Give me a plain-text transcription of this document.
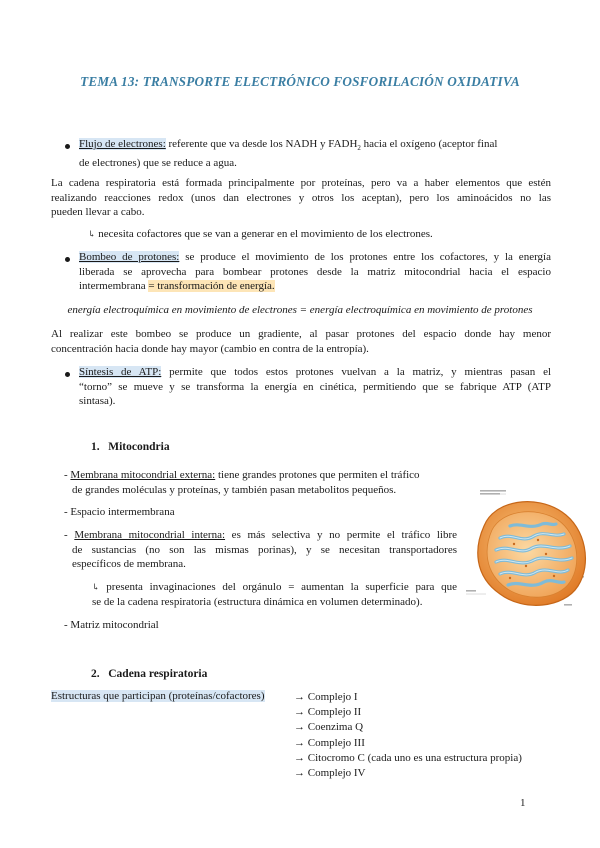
TEMA 13: TRANSPORTE ELECTRÓNICO FOSFORILACIÓN OXIDATIVA
Flujo de electrones: referente que va desde los NADH y $FADH_2$ hacia el oxígeno (aceptor final
de electrones) que se reduce a agua.
La cadena respiratoria está formada principalmente por proteínas, pero va a haber elementos que estén
realizando reacciones redox (unos dan electrones y otros los aceptan), pero los aminoácidos no las
pueden llevar a cabo.
↳ necesita cofactores que se van a generar en el movimiento de los electrones.
Bombeo de protones: se produce el movimiento de los protones entre los cofactores, y la energía
liberada se aprovecha para bombear protones desde la matriz mitocondrial hacia el espacio
intermembrana = transformación de energía.
energía electroquímica en movimiento de electrones = energía electroquímica en movimiento de protones
Al realizar este bombeo se produce un gradiente, al pasar protones del espacio donde hay menor
concentración hacia donde hay mayor (cambio en contra de la entropía).
Síntesis de ATP: permite que todos estos protones vuelvan a la matriz, y mientras pasan el
“torno” se mueve y se transforma la energía en cinética, permitiendo que se fabrique ATP (ATP
sintasa).
1. Mitocondria
- Membrana mitocondrial externa: tiene grandes protones que permiten el tráfico
de grandes moléculas y proteínas, y también pasan metabolitos pequeños.
- Espacio intermembrana
- Membrana mitocondrial interna: es más selectiva y no permite el tráfico libre
de sustancias (no son las mismas porinas), y se necesitan transportadores
específicos de membrana.
↳ presenta invaginaciones del orgánulo = aumentan la superficie para que
se de la cadena respiratoria (estructura dinámica en volumen determinado).
- Matriz mitocondrial
2. Cadena respiratoria
Estructuras que participan (proteínas/cofactores)	→ Complejo I
→ Complejo II
→ Coenzima Q
→ Complejo III
→ Citocromo C (cada uno es una estructura propia)
→ Complejo IV
1
